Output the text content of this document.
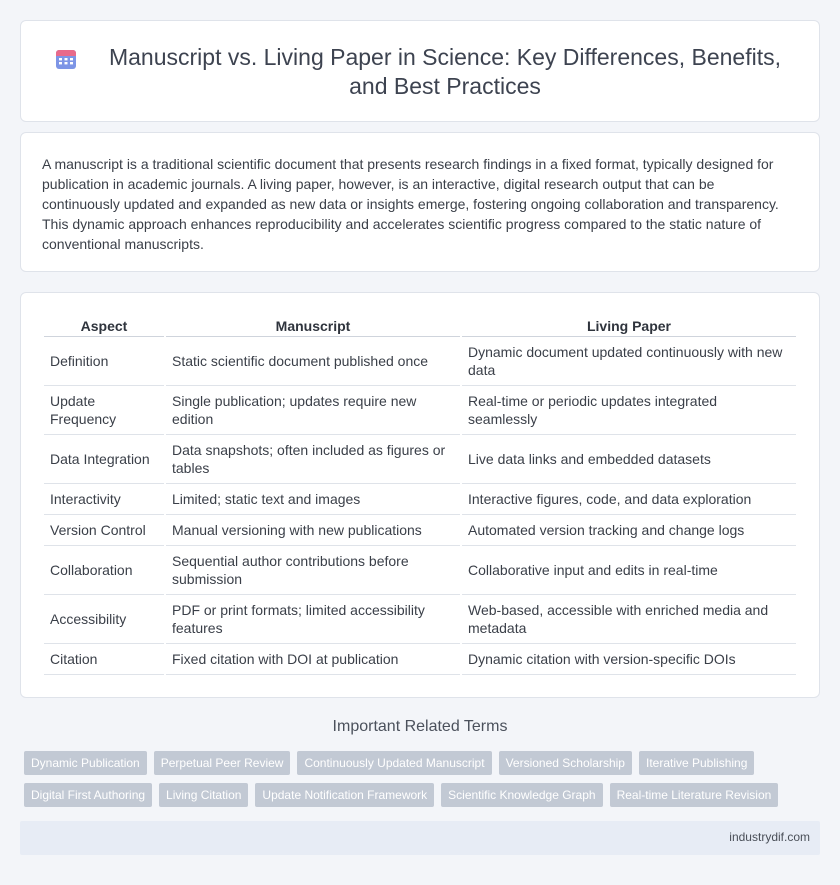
Manuscript vs. Living Paper in Science: Key Differences, Benefits, and Best Practices

A manuscript is a traditional scientific document that presents research findings in a fixed format, typically designed for publication in academic journals. A living paper, however, is an interactive, digital research output that can be continuously updated and expanded as new data or insights emerge, fostering ongoing collaboration and transparency. This dynamic approach enhances reproducibility and accelerates scientific progress compared to the static nature of conventional manuscripts.

Aspect	Manuscript	Living Paper
Definition	Static scientific document published once	Dynamic document updated continuously with new data
Update Frequency	Single publication; updates require new edition	Real-time or periodic updates integrated seamlessly
Data Integration	Data snapshots; often included as figures or tables	Live data links and embedded datasets
Interactivity	Limited; static text and images	Interactive figures, code, and data exploration
Version Control	Manual versioning with new publications	Automated version tracking and change logs
Collaboration	Sequential author contributions before submission	Collaborative input and edits in real-time
Accessibility	PDF or print formats; limited accessibility features	Web-based, accessible with enriched media and metadata
Citation	Fixed citation with DOI at publication	Dynamic citation with version-specific DOIs
Important Related Terms
Dynamic Publication	Perpetual Peer Review	Continuously Updated Manuscript	Versioned Scholarship	Iterative Publishing
Digital First Authoring	Living Citation	Update Notification Framework	Scientific Knowledge Graph	Real-time Literature Revision
industrydif.com
